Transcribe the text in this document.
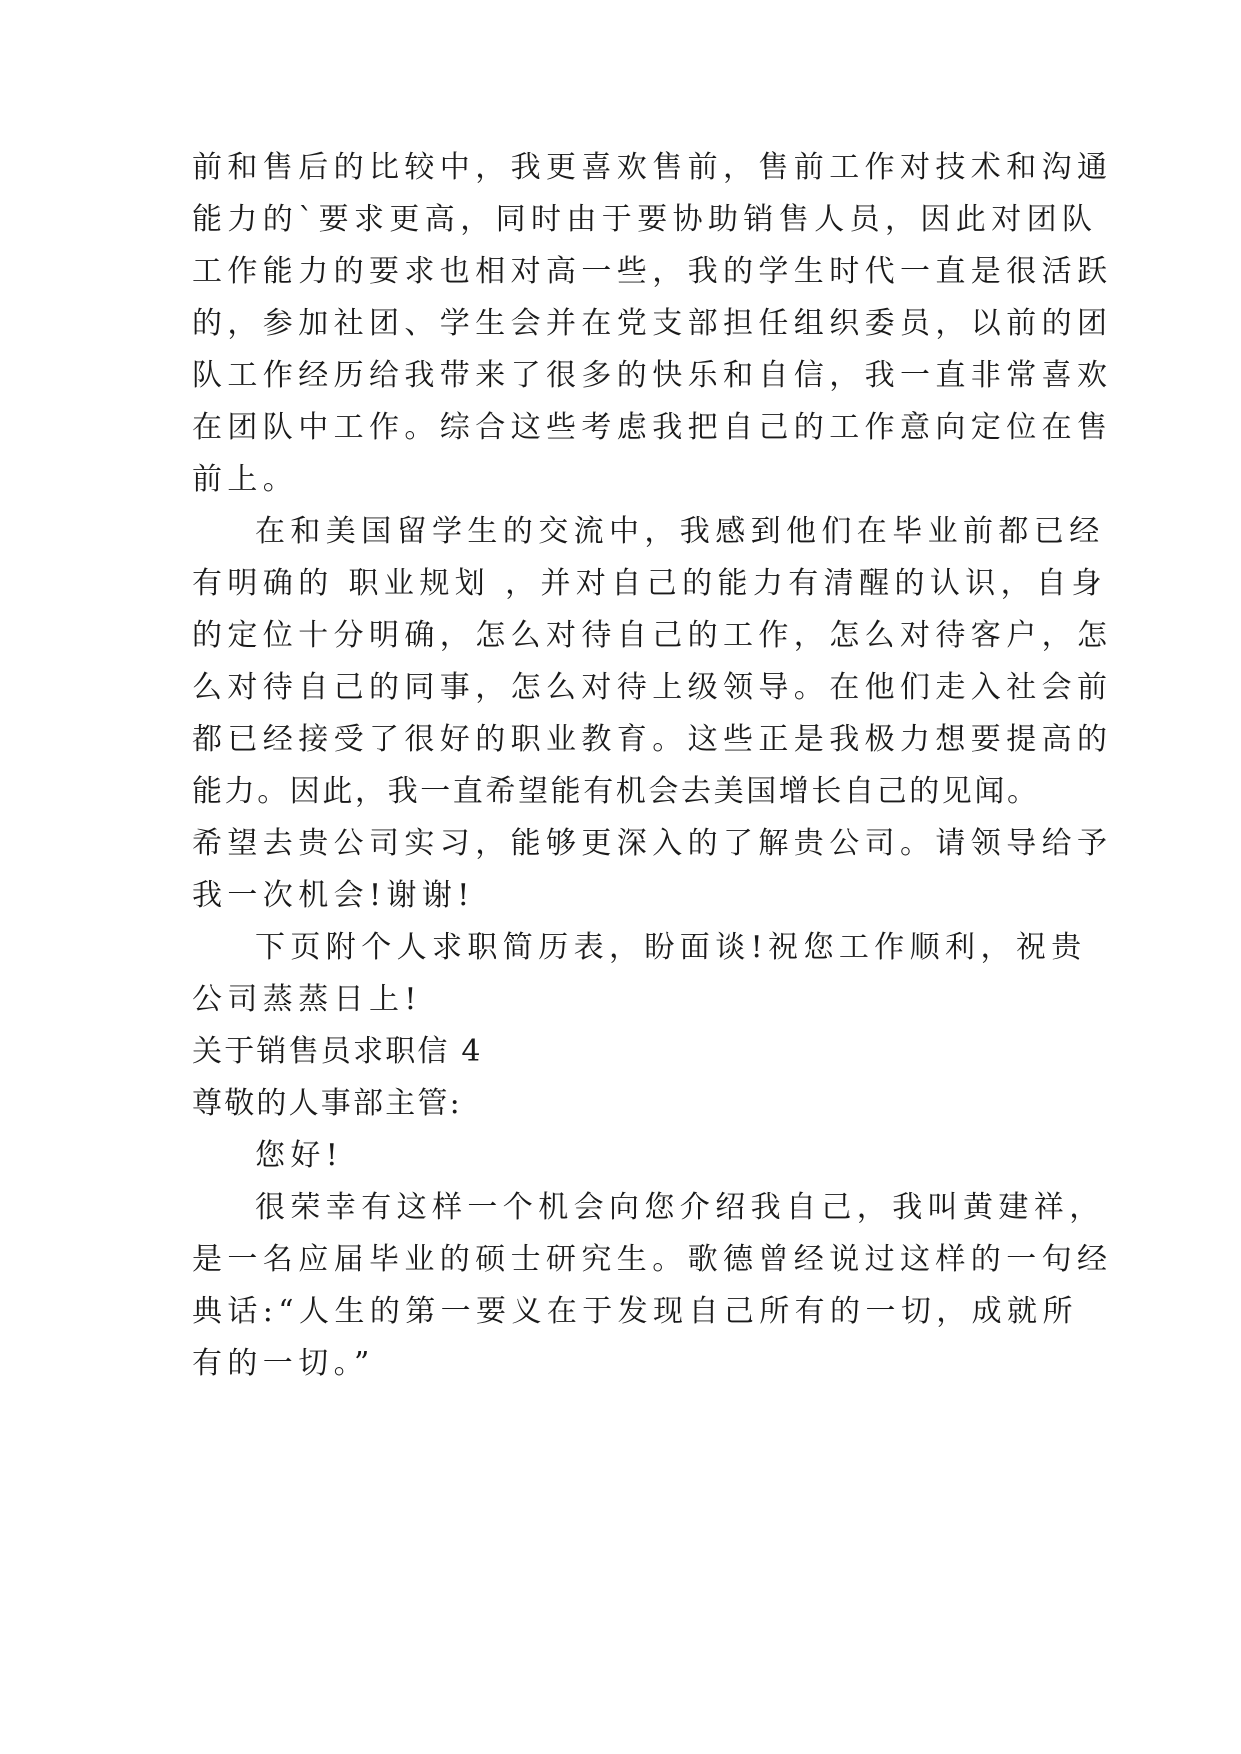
前和售后的比较中，我更喜欢售前，售前工作对技术和沟通

能力的`要求更高，同时由于要协助销售人员，因此对团队

工作能力的要求也相对高一些，我的学生时代一直是很活跃

的，参加社团、学生会并在党支部担任组织委员，以前的团

队工作经历给我带来了很多的快乐和自信，我一直非常喜欢

在团队中工作。综合这些考虑我把自己的工作意向定位在售

前上。

在和美国留学生的交流中，我感到他们在毕业前都已经

有明确的 职业规划 ，并对自己的能力有清醒的认识，自身

的定位十分明确，怎么对待自己的工作，怎么对待客户，怎

么对待自己的同事，怎么对待上级领导。在他们走入社会前

都已经接受了很好的职业教育。这些正是我极力想要提高的

能力。因此，我一直希望能有机会去美国增长自己的见闻。

希望去贵公司实习，能够更深入的了解贵公司。请领导给予

我一次机会!谢谢!

下页附个人求职简历表，盼面谈!祝您工作顺利，祝贵

公司蒸蒸日上!

关于销售员求职信 4

尊敬的人事部主管:

您好!

很荣幸有这样一个机会向您介绍我自己，我叫黄建祥，

是一名应届毕业的硕士研究生。歌德曾经说过这样的一句经

典话:“人生的第一要义在于发现自己所有的一切，成就所

有的一切。”
